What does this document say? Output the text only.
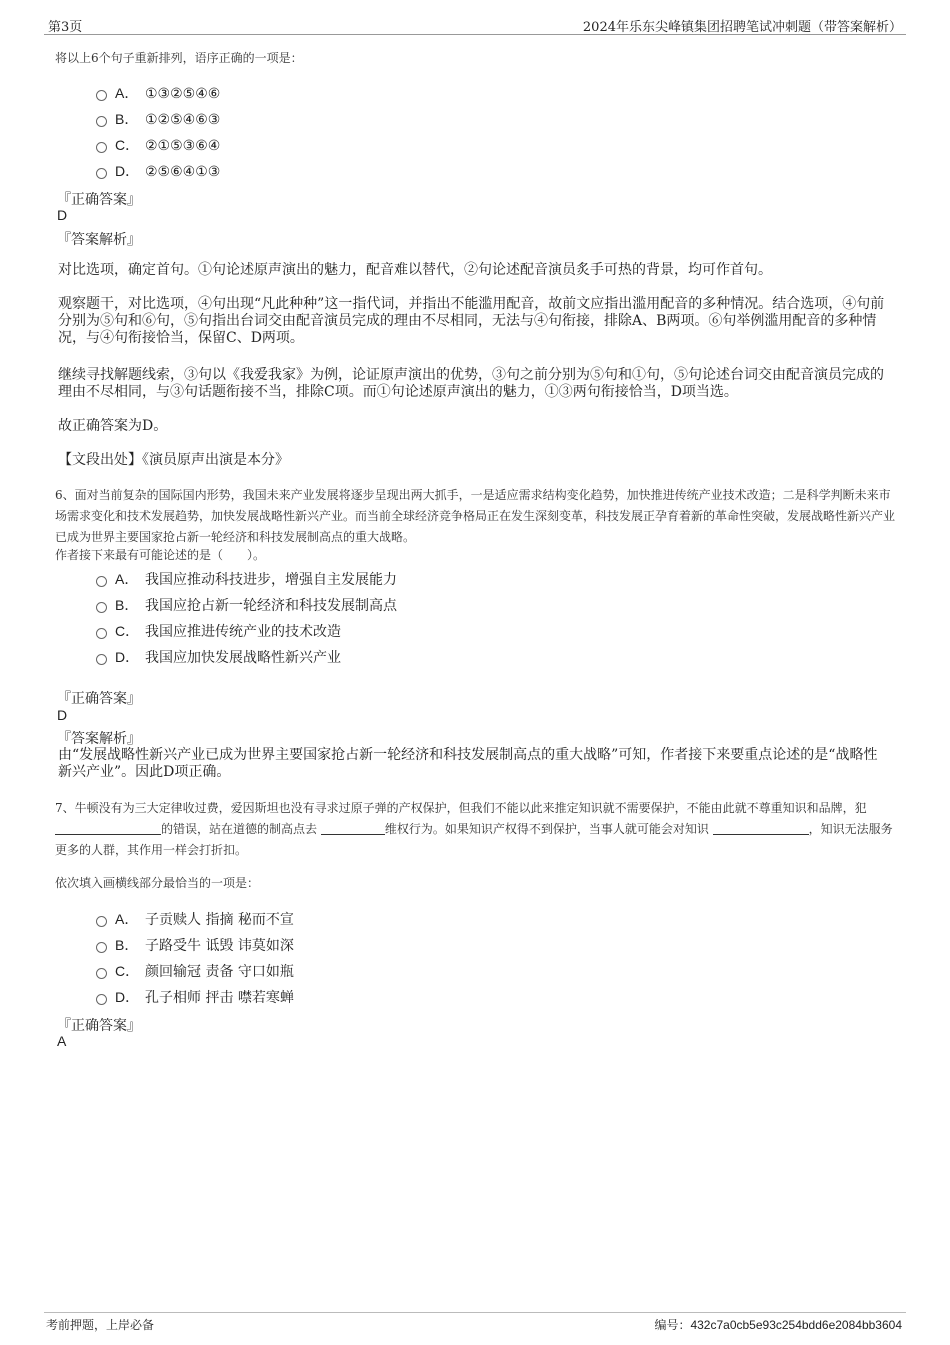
第3页	2024年乐东尖峰镇集团招聘笔试冲刺题（带答案解析）
将以上6个句子重新排列，语序正确的一项是：
A． ①③②⑤④⑥
B． ①②⑤④⑥③
C． ②①⑤③⑥④
D． ②⑤⑥④①③
『正确答案』
D
『答案解析』
对比选项，确定首句。①句论述原声演出的魅力，配音难以替代，②句论述配音演员炙手可热的背景，均可作首句。
观察题干，对比选项，④句出现“凡此种种”这一指代词，并指出不能滥用配音，故前文应指出滥用配音的多种情况。结合选项，④句前分别为⑤句和⑥句，⑤句指出台词交由配音演员完成的理由不尽相同，无法与④句衔接，排除A、B两项。⑥句举例滥用配音的多种情况，与④句衔接恰当，保留C、D两项。
继续寻找解题线索，③句以《我爱我家》为例，论证原声演出的优势，③句之前分别为⑤句和①句，⑤句论述台词交由配音演员完成的理由不尽相同，与③句话题衔接不当，排除C项。而①句论述原声演出的魅力，①③两句衔接恰当，D项当选。
故正确答案为D。
【文段出处】《演员原声出演是本分》
6、面对当前复杂的国际国内形势，我国未来产业发展将逐步呈现出两大抓手，一是适应需求结构变化趋势，加快推进传统产业技术改造；二是科学判断未来市场需求变化和技术发展趋势，加快发展战略性新兴产业。而当前全球经济竞争格局正在发生深刻变革，科技发展正孕育着新的革命性突破，发展战略性新兴产业已成为世界主要国家抢占新一轮经济和科技发展制高点的重大战略。
作者接下来最有可能论述的是（　　）。
A． 我国应推动科技进步，增强自主发展能力
B． 我国应抢占新一轮经济和科技发展制高点
C． 我国应推进传统产业的技术改造
D． 我国应加快发展战略性新兴产业
『正确答案』
D
『答案解析』
由“发展战略性新兴产业已成为世界主要国家抢占新一轮经济和科技发展制高点的重大战略”可知，作者接下来要重点论述的是“战略性新兴产业”。因此D项正确。
7、牛顿没有为三大定律收过费，爱因斯坦也没有寻求过原子弹的产权保护，但我们不能以此来推定知识就不需要保护，不能由此就不尊重知识和品牌，犯 的错误，站在道德的制高点去	维权行为。如果知识产权得不到保护，当事人就可能会对知识	，知识无法服务更多的人群，其作用一样会打折扣。
依次填入画横线部分最恰当的一项是：
A． 子贡赎人 指摘 秘而不宣
B． 子路受牛 诋毁 讳莫如深
C． 颜回输冠 责备 守口如瓶
D． 孔子相师 抨击 噤若寒蝉
『正确答案』
A
考前押题，上岸必备	编号：432c7a0cb5e93c254bdd6e2084bb3604
